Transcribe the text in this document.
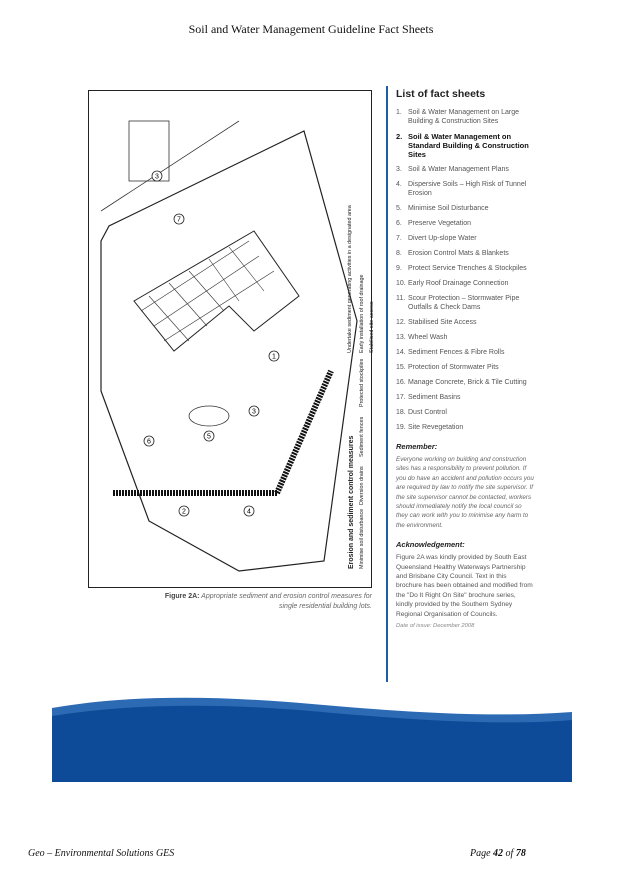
Soil and Water Management Guideline Fact Sheets
3
7
1
3
5
6
2	4	Erosion and sediment control measures Minimise soil disturbance
Diversion drains
Sediment fences
Protected stockpiles
Undertake sediment generating activities in a designated area Early installation of roof drainage Stabilised site access
Figure 2A: Appropriate sediment and erosion control measures for single residential building lots.
List of fact sheets
1. Soil & Water Management on Large Building & Construction Sites
2. Soil & Water Management on Standard Building & Construction Sites
3. Soil & Water Management Plans
4. Dispersive Soils – High Risk of Tunnel Erosion
5. Minimise Soil Disturbance
6. Preserve Vegetation
7. Divert Up-slope Water
8. Erosion Control Mats & Blankets
9. Protect Service Trenches & Stockpiles
10. Early Roof Drainage Connection
11. Scour Protection – Stormwater Pipe Outfalls & Check Dams
12. Stabilised Site Access
13. Wheel Wash
14. Sediment Fences & Fibre Rolls
15. Protection of Stormwater Pits
16. Manage Concrete, Brick & Tile Cutting
17. Sediment Basins
18. Dust Control
19. Site Revegetation
Remember:

Everyone working on building and construction sites has a responsibility to prevent pollution. If you do have an accident and pollution occurs you are required by law to notify the site supervisor. If the site supervisor cannot be contacted, workers should immediately notify the local council so they can work with you to minimise any harm to the environment.

Acknowledgement:

Figure 2A was kindly provided by South East Queensland Healthy Waterways Partnership and Brisbane City Council. Text in this brochure has been obtained and modified from the "Do It Right On Site" brochure series, kindly provided by the Southern Sydney Regional Organisation of Councils.

Date of issue: December 2008
Geo – Environmental Solutions GES	Page 42 of 78
